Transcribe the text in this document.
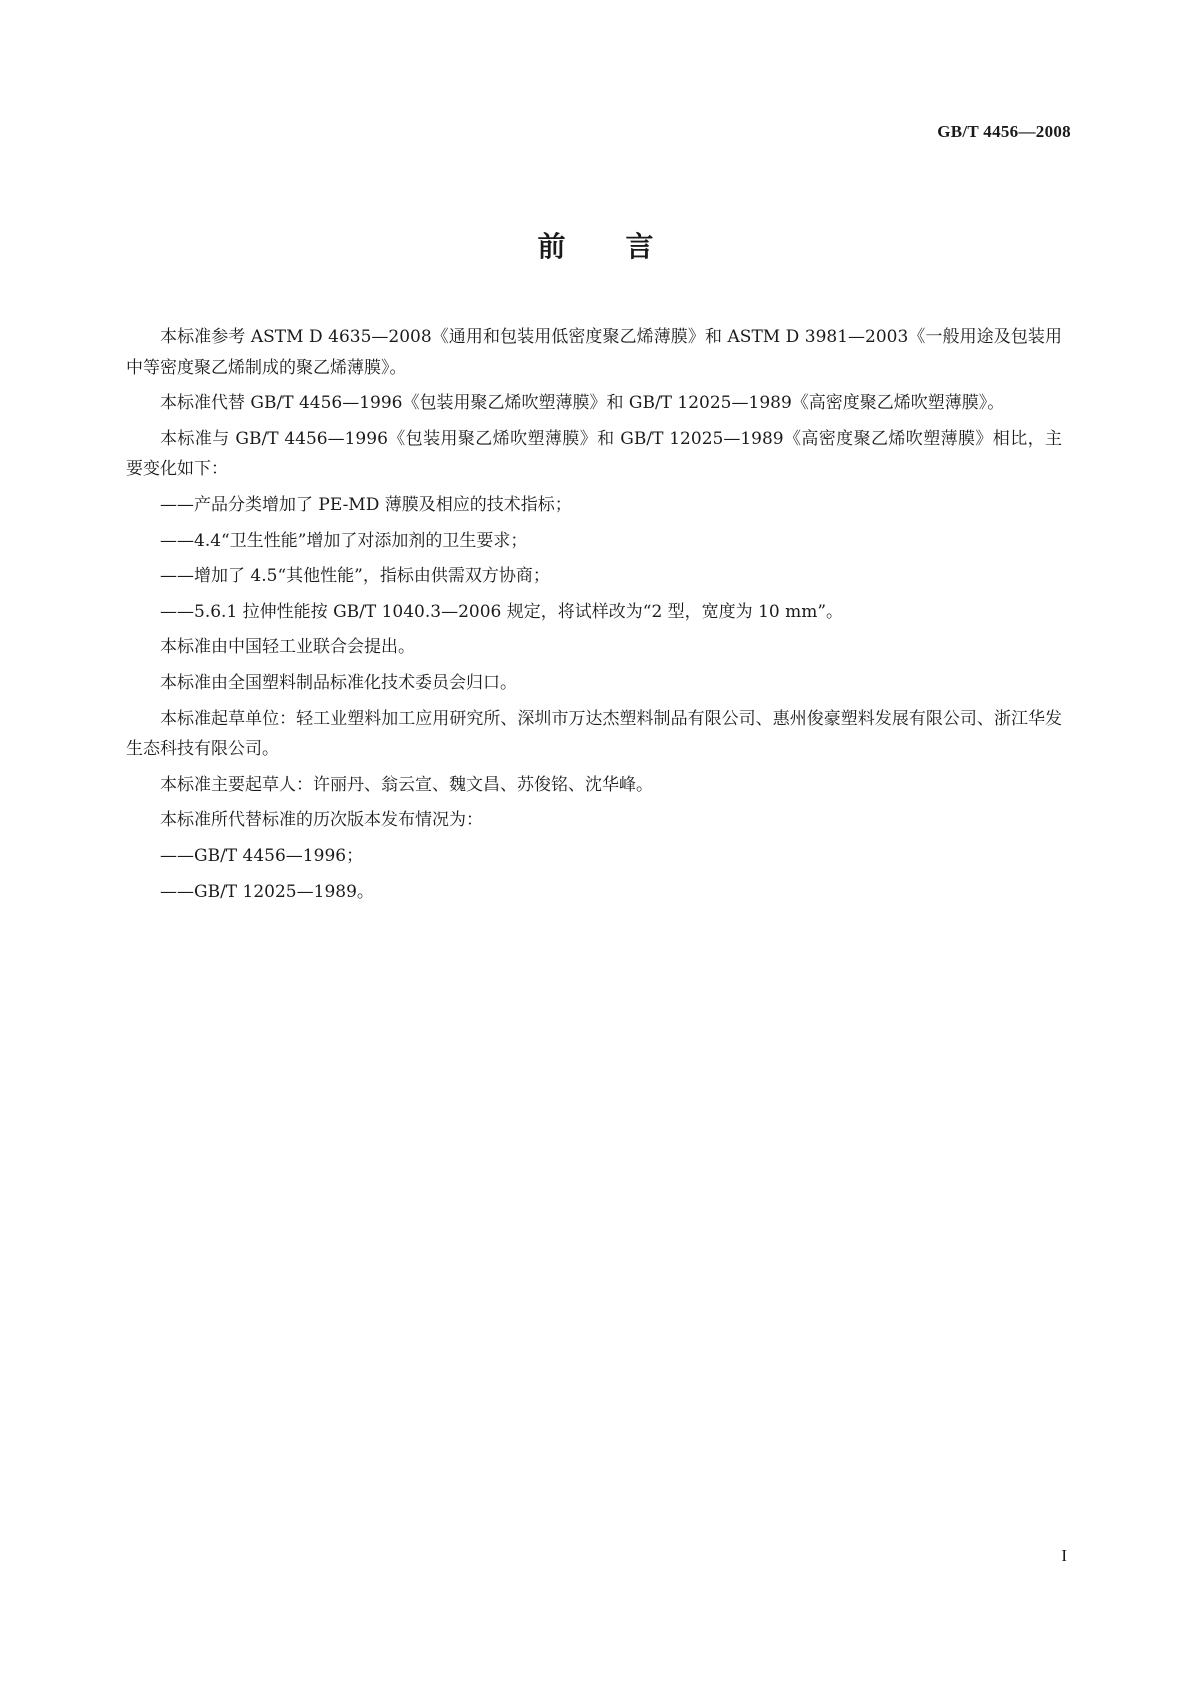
GB/T 4456—2008
前言

本标准参考 ASTM D 4635—2008《通用和包装用低密度聚乙烯薄膜》和 ASTM D 3981—2003《一般用途及包装用中等密度聚乙烯制成的聚乙烯薄膜》。

本标准代替 GB/T 4456—1996《包装用聚乙烯吹塑薄膜》和 GB/T 12025—1989《高密度聚乙烯吹塑薄膜》。

本标准与 GB/T 4456—1996《包装用聚乙烯吹塑薄膜》和 GB/T 12025—1989《高密度聚乙烯吹塑薄膜》相比，主要变化如下：

——产品分类增加了 PE-MD 薄膜及相应的技术指标；

——4.4“卫生性能”增加了对添加剂的卫生要求；

——增加了 4.5“其他性能”，指标由供需双方协商；

——5.6.1 拉伸性能按 GB/T 1040.3—2006 规定，将试样改为“2 型，宽度为 10 mm”。

本标准由中国轻工业联合会提出。

本标准由全国塑料制品标准化技术委员会归口。

本标准起草单位：轻工业塑料加工应用研究所、深圳市万达杰塑料制品有限公司、惠州俊豪塑料发展有限公司、浙江华发生态科技有限公司。

本标准主要起草人：许丽丹、翁云宣、魏文昌、苏俊铭、沈华峰。

本标准所代替标准的历次版本发布情况为：

——GB/T 4456—1996；

——GB/T 12025—1989。

I
